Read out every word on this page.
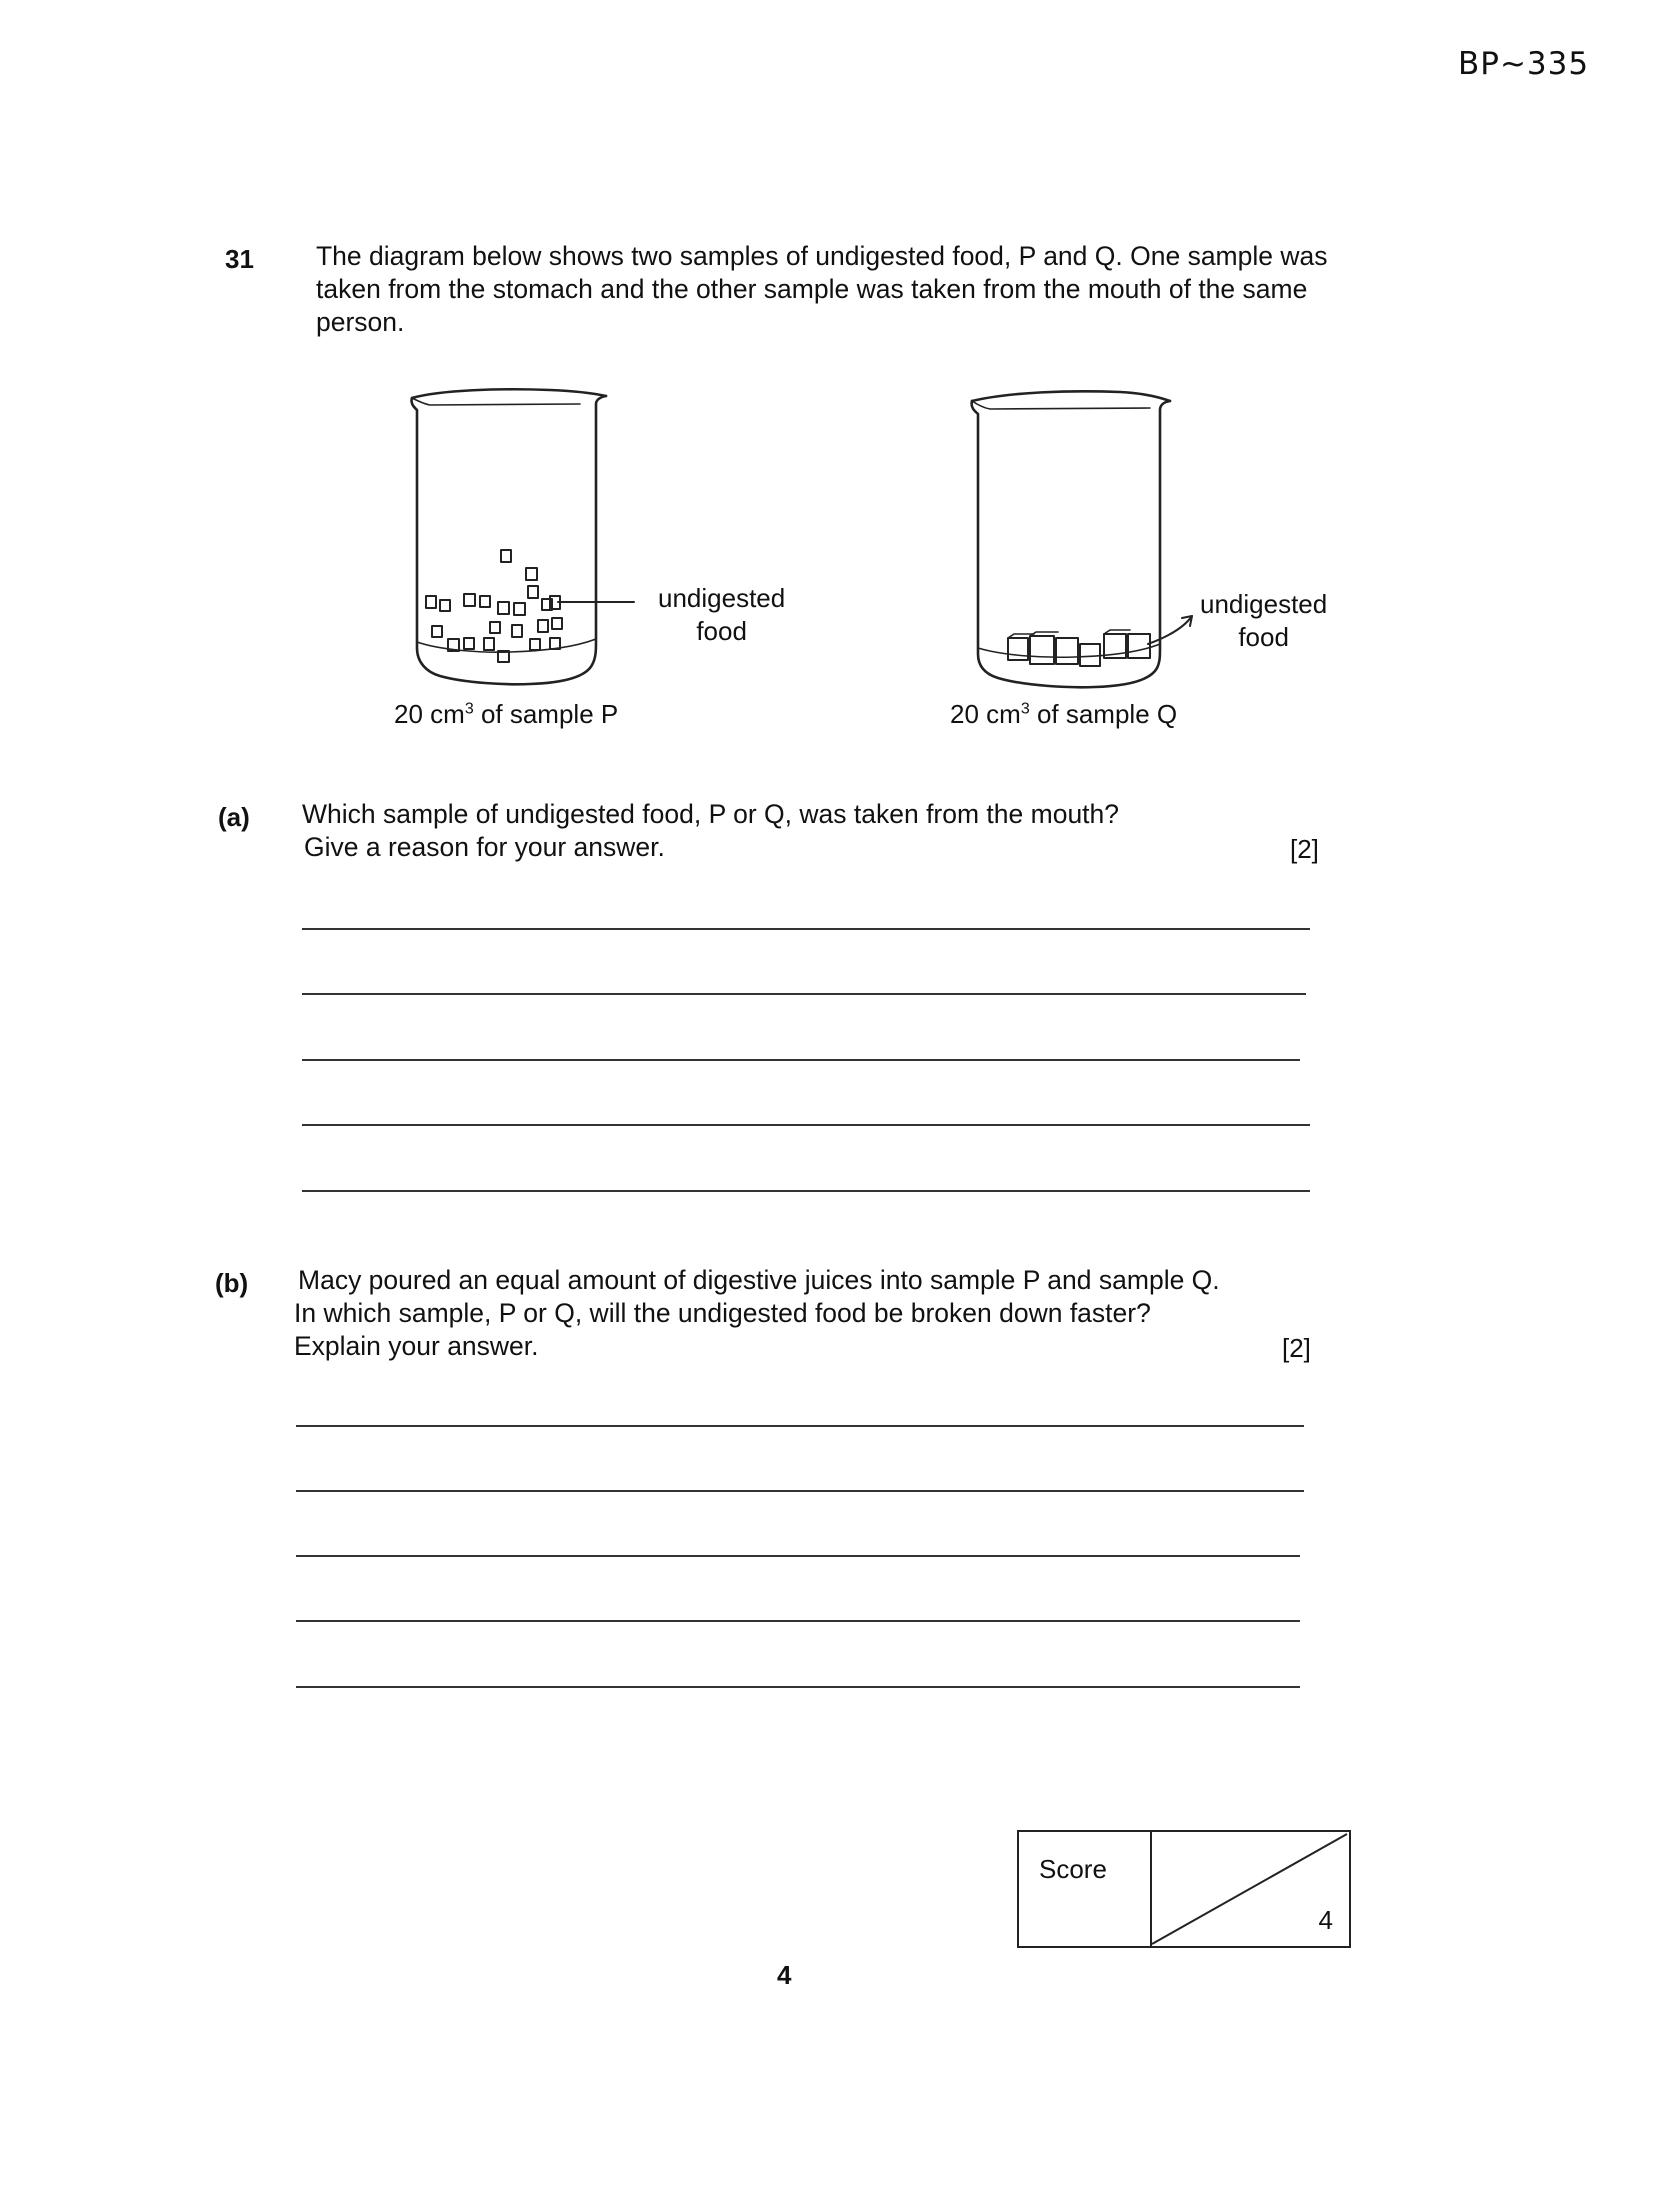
BP~335
31 The diagram below shows two samples of undigested food, P and Q. One sample was taken from the stomach and the other sample was taken from the mouth of the same person.
undigested
food
20 $cm^3$ of sample P
undigested
food
20 $cm^3$ of sample Q
(a) Which sample of undigested food, P or Q, was taken from the mouth?
Give a reason for your answer.	[2]
(b) Macy poured an equal amount of digestive juices into sample P and sample Q.
In which sample, P or Q, will the undigested food be broken down faster?
Explain your answer.	[2]
Score
4
4
